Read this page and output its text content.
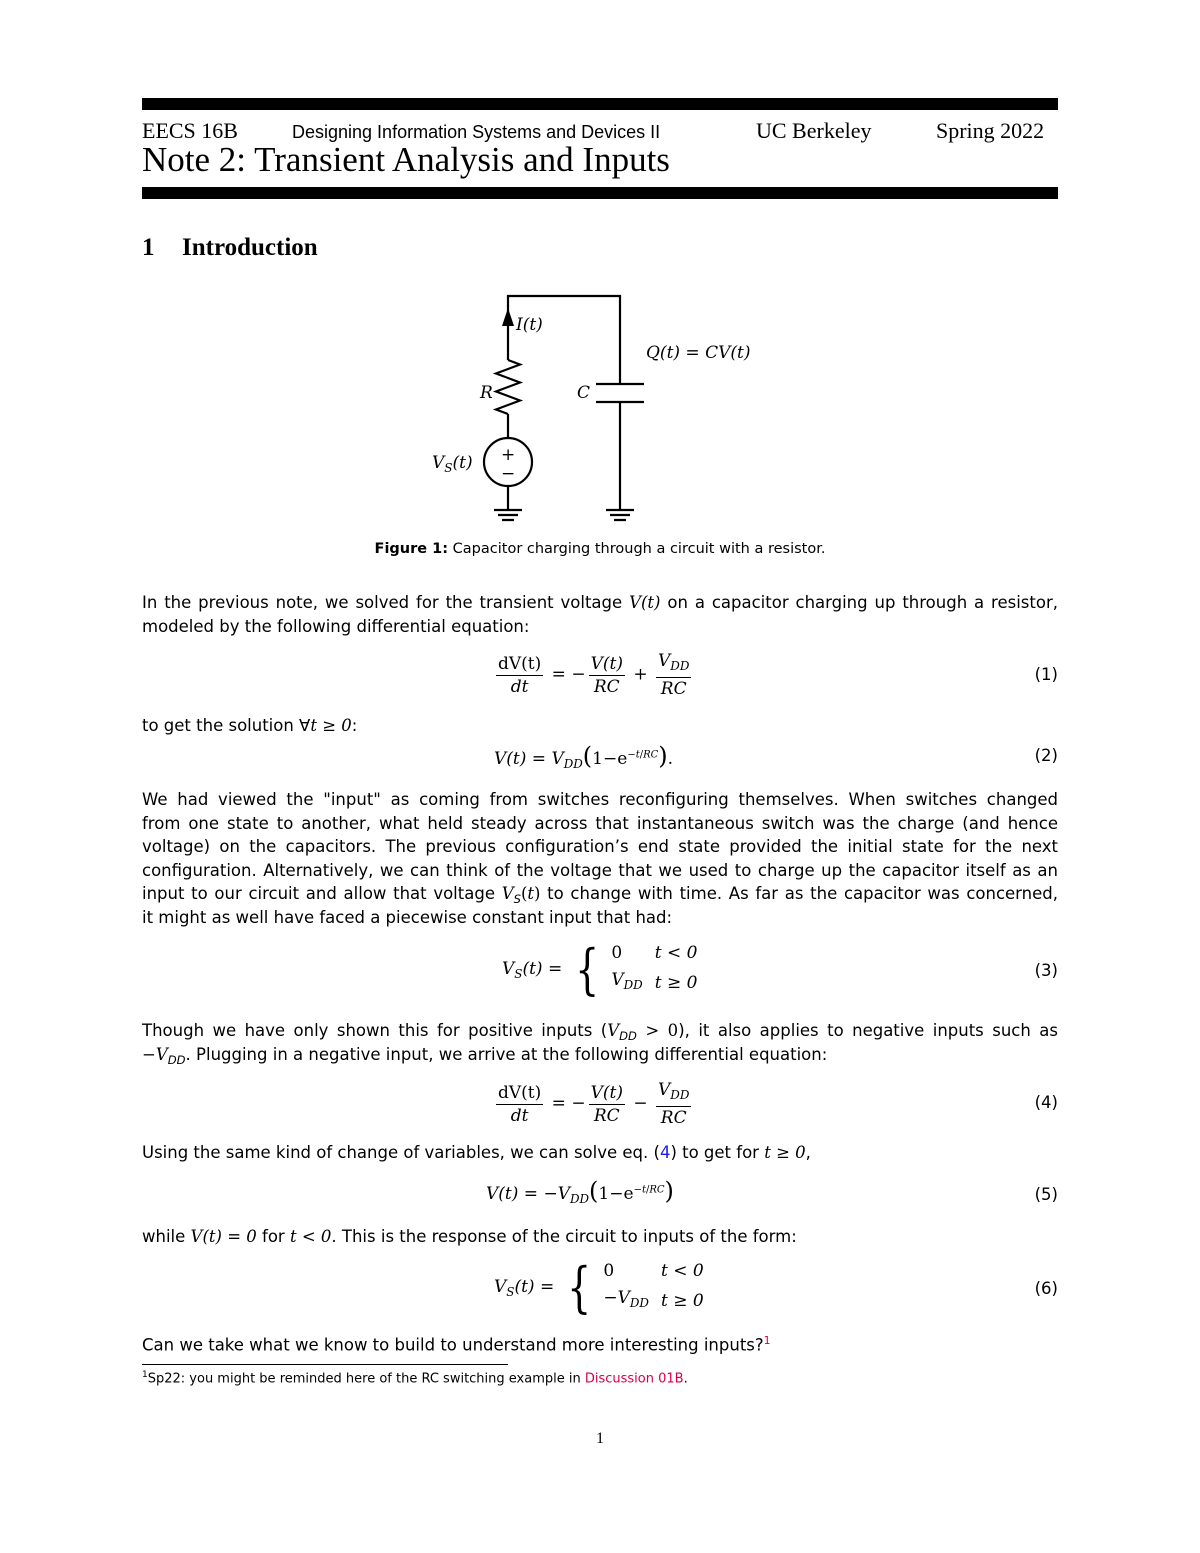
EECS 16B	Designing Information Systems and Devices II	UC Berkeley	Spring 2022
Note 2: Transient Analysis and Inputs
1 Introduction
I(t)
Q(t) = CV(t)
R	C
$V_S(t)$ +
−
Figure 1: Capacitor charging through a circuit with a resistor.
In the previous note, we solved for the transient voltage V(t) on a capacitor charging up through a resistor,
modeled by the following differential equation:
$\frac{dV(t)}{dt}$ = − $\frac{V(t)}{RC} + \frac{V_{DD}}{RC}$	(1)
to get the solution ∀t ≥ 0:
$V(t) = V_{DD}(1-e^{-t/RC})$.	(2)
We had viewed the "input" as coming from switches reconfiguring themselves. When switches changed
from one state to another, what held steady across that instantaneous switch was the charge (and hence
voltage) on the capacitors. The previous configuration’s end state provided the initial state for the next
configuration. Alternatively, we can think of the voltage that we used to charge up the capacitor itself as an
input to our circuit and allow that voltage $V_S(t)$ to change with time. As far as the capacitor was concerned,
it might as well have faced a piecewise constant input that had:
$V_S(t)$ = { 0	t < 0
$V_{DD}$	t ≥ 0
(3)
Though we have only shown this for positive inputs $(V_{DD} > 0)$, it also applies to negative inputs such as
$-V_{DD}$. Plugging in a negative input, we arrive at the following differential equation:
$\frac{dV(t)}{dt}$ = − $\frac{V(t)}{RC} - \frac{V_{DD}}{RC}$	(4)
Using the same kind of change of variables, we can solve eq. (4) to get for t ≥ 0,
$V(t) = -V_{DD}(1-e^{-t/RC})$	(5)
while V(t) = 0 for t < 0. This is the response of the circuit to inputs of the form:
$V_S(t)$ = { 0	t < 0
$-V_{DD}$	t ≥ 0
(6)
Can we take what we know to build to understand more interesting inputs?$^1$
$^1$Sp22: you might be reminded here of the RC switching example in Discussion 01B.
1
